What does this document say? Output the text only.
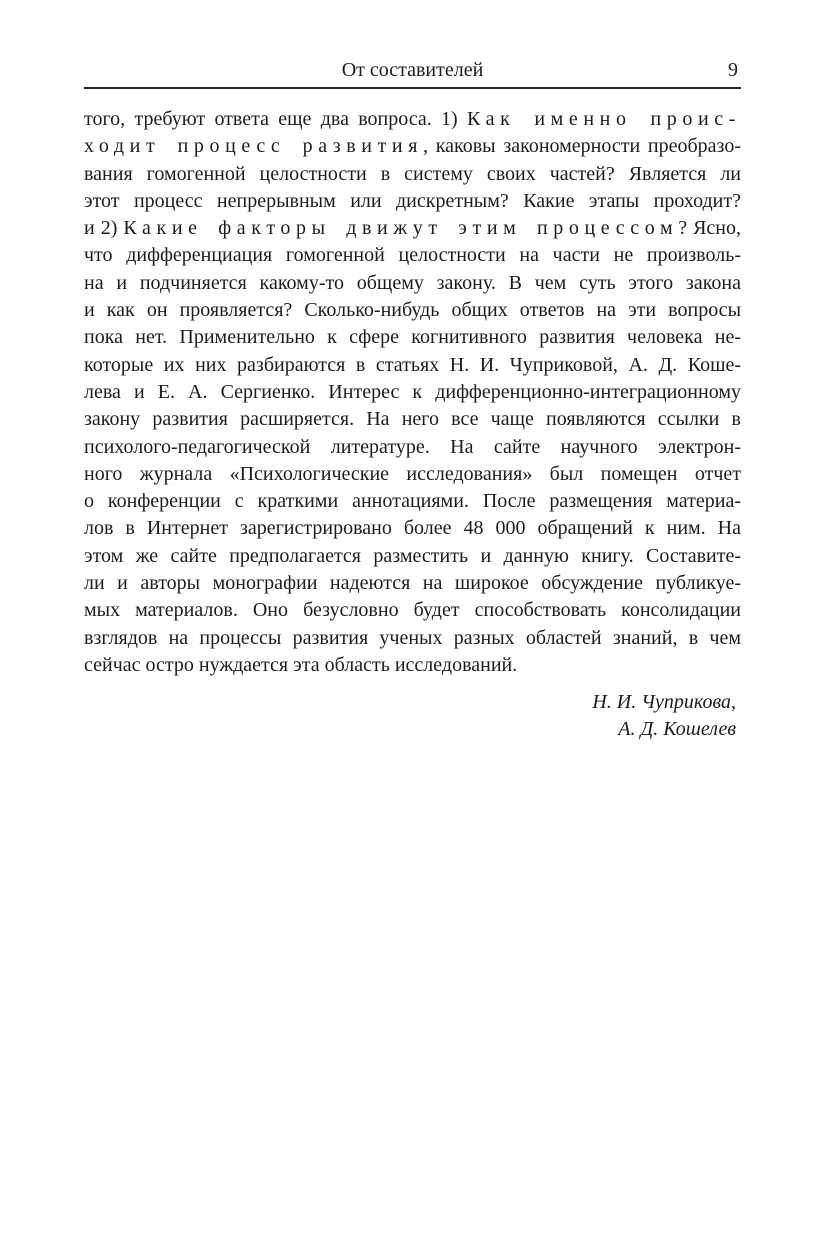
От составителей	9
того, требуют ответа еще два вопроса. 1) Как именно проис-
ходит процесс развития, каковы закономерности преобразо-
вания гомогенной целостности в систему своих частей? Является ли
этот процесс непрерывным или дискретным? Какие этапы проходит?
и 2) Какие факторы движут этим процессом? Ясно,
что дифференциация гомогенной целостности на части не произволь-
на и подчиняется какому-то общему закону. В чем суть этого закона
и как он проявляется? Сколько-нибудь общих ответов на эти вопросы
пока нет. Применительно к сфере когнитивного развития человека не-
которые их них разбираются в статьях Н. И. Чуприковой, А. Д. Коше-
лева и Е. А. Сергиенко. Интерес к дифференционно-интеграционному
закону развития расширяется. На него все чаще появляются ссылки в
психолого-педагогической литературе. На сайте научного электрон-
ного журнала «Психологические исследования» был помещен отчет
о конференции с краткими аннотациями. После размещения материа-
лов в Интернет зарегистрировано более 48 000 обращений к ним. На
этом же сайте предполагается разместить и данную книгу. Составите-
ли и авторы монографии надеются на широкое обсуждение публикуе-
мых материалов. Оно безусловно будет способствовать консолидации
взглядов на процессы развития ученых разных областей знаний, в чем
сейчас остро нуждается эта область исследований.
Н. И. Чуприкова,
А. Д. Кошелев
